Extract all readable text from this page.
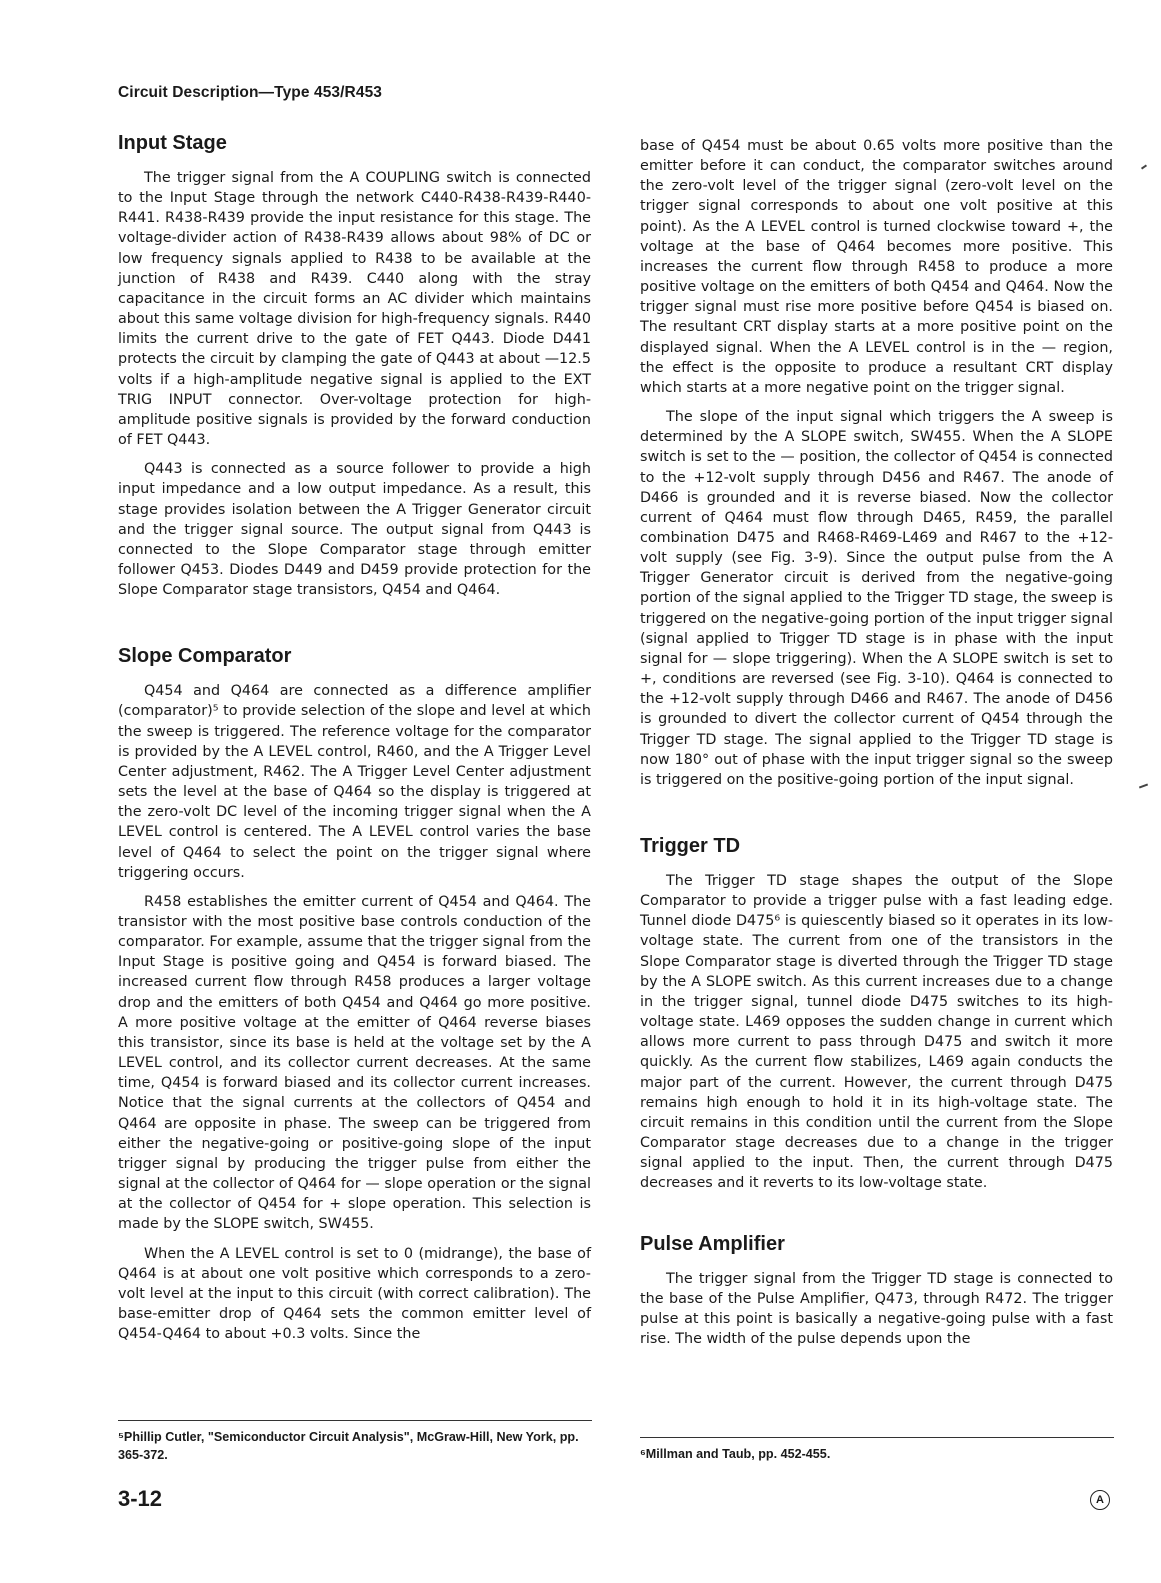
Circuit Description—Type 453/R453
Input Stage

The trigger signal from the A COUPLING switch is connected to the Input Stage through the network C440-R438-R439-R440-R441. R438-R439 provide the input resistance for this stage. The voltage-divider action of R438-R439 allows about 98% of DC or low frequency signals applied to R438 to be available at the junction of R438 and R439. C440 along with the stray capacitance in the circuit forms an AC divider which maintains about this same voltage division for high-frequency signals. R440 limits the current drive to the gate of FET Q443. Diode D441 protects the circuit by clamping the gate of Q443 at about —12.5 volts if a high-amplitude negative signal is applied to the EXT TRIG INPUT connector. Over-voltage protection for high-amplitude positive signals is provided by the forward conduction of FET Q443.

Q443 is connected as a source follower to provide a high input impedance and a low output impedance. As a result, this stage provides isolation between the A Trigger Generator circuit and the trigger signal source. The output signal from Q443 is connected to the Slope Comparator stage through emitter follower Q453. Diodes D449 and D459 provide protection for the Slope Comparator stage transistors, Q454 and Q464.

Slope Comparator

Q454 and Q464 are connected as a difference amplifier (comparator)⁵ to provide selection of the slope and level at which the sweep is triggered. The reference voltage for the comparator is provided by the A LEVEL control, R460, and the A Trigger Level Center adjustment, R462. The A Trigger Level Center adjustment sets the level at the base of Q464 so the display is triggered at the zero-volt DC level of the incoming trigger signal when the A LEVEL control is centered. The A LEVEL control varies the base level of Q464 to select the point on the trigger signal where triggering occurs.

R458 establishes the emitter current of Q454 and Q464. The transistor with the most positive base controls conduction of the comparator. For example, assume that the trigger signal from the Input Stage is positive going and Q454 is forward biased. The increased current flow through R458 produces a larger voltage drop and the emitters of both Q454 and Q464 go more positive. A more positive voltage at the emitter of Q464 reverse biases this transistor, since its base is held at the voltage set by the A LEVEL control, and its collector current decreases. At the same time, Q454 is forward biased and its collector current increases. Notice that the signal currents at the collectors of Q454 and Q464 are opposite in phase. The sweep can be triggered from either the negative-going or positive-going slope of the input trigger signal by producing the trigger pulse from either the signal at the collector of Q464 for — slope operation or the signal at the collector of Q454 for + slope operation. This selection is made by the SLOPE switch, SW455.

When the A LEVEL control is set to 0 (midrange), the base of Q464 is at about one volt positive which corresponds to a zero-volt level at the input to this circuit (with correct calibration). The base-emitter drop of Q464 sets the common emitter level of Q454-Q464 to about +0.3 volts. Since the

base of Q454 must be about 0.65 volts more positive than the emitter before it can conduct, the comparator switches around the zero-volt level of the trigger signal (zero-volt level on the trigger signal corresponds to about one volt positive at this point). As the A LEVEL control is turned clockwise toward +, the voltage at the base of Q464 becomes more positive. This increases the current flow through R458 to produce a more positive voltage on the emitters of both Q454 and Q464. Now the trigger signal must rise more positive before Q454 is biased on. The resultant CRT display starts at a more positive point on the displayed signal. When the A LEVEL control is in the — region, the effect is the opposite to produce a resultant CRT display which starts at a more negative point on the trigger signal.

The slope of the input signal which triggers the A sweep is determined by the A SLOPE switch, SW455. When the A SLOPE switch is set to the — position, the collector of Q454 is connected to the +12-volt supply through D456 and R467. The anode of D466 is grounded and it is reverse biased. Now the collector current of Q464 must flow through D465, R459, the parallel combination D475 and R468-R469-L469 and R467 to the +12-volt supply (see Fig. 3-9). Since the output pulse from the A Trigger Generator circuit is derived from the negative-going portion of the signal applied to the Trigger TD stage, the sweep is triggered on the negative-going portion of the input trigger signal (signal applied to Trigger TD stage is in phase with the input signal for — slope triggering). When the A SLOPE switch is set to +, conditions are reversed (see Fig. 3-10). Q464 is connected to the +12-volt supply through D466 and R467. The anode of D456 is grounded to divert the collector current of Q454 through the Trigger TD stage. The signal applied to the Trigger TD stage is now 180° out of phase with the input trigger signal so the sweep is triggered on the positive-going portion of the input signal.

Trigger TD

The Trigger TD stage shapes the output of the Slope Comparator to provide a trigger pulse with a fast leading edge. Tunnel diode D475⁶ is quiescently biased so it operates in its low-voltage state. The current from one of the transistors in the Slope Comparator stage is diverted through the Trigger TD stage by the A SLOPE switch. As this current increases due to a change in the trigger signal, tunnel diode D475 switches to its high-voltage state. L469 opposes the sudden change in current which allows more current to pass through D475 and switch it more quickly. As the current flow stabilizes, L469 again conducts the major part of the current. However, the current through D475 remains high enough to hold it in its high-voltage state. The circuit remains in this condition until the current from the Slope Comparator stage decreases due to a change in the trigger signal applied to the input. Then, the current through D475 decreases and it reverts to its low-voltage state.

Pulse Amplifier

The trigger signal from the Trigger TD stage is connected to the base of the Pulse Amplifier, Q473, through R472. The trigger pulse at this point is basically a negative-going pulse with a fast rise. The width of the pulse depends upon the

⁵Phillip Cutler, "Semiconductor Circuit Analysis", McGraw-Hill, New York, pp. 365-372.	⁶Millman and Taub, pp. 452-455.
3-12	A
